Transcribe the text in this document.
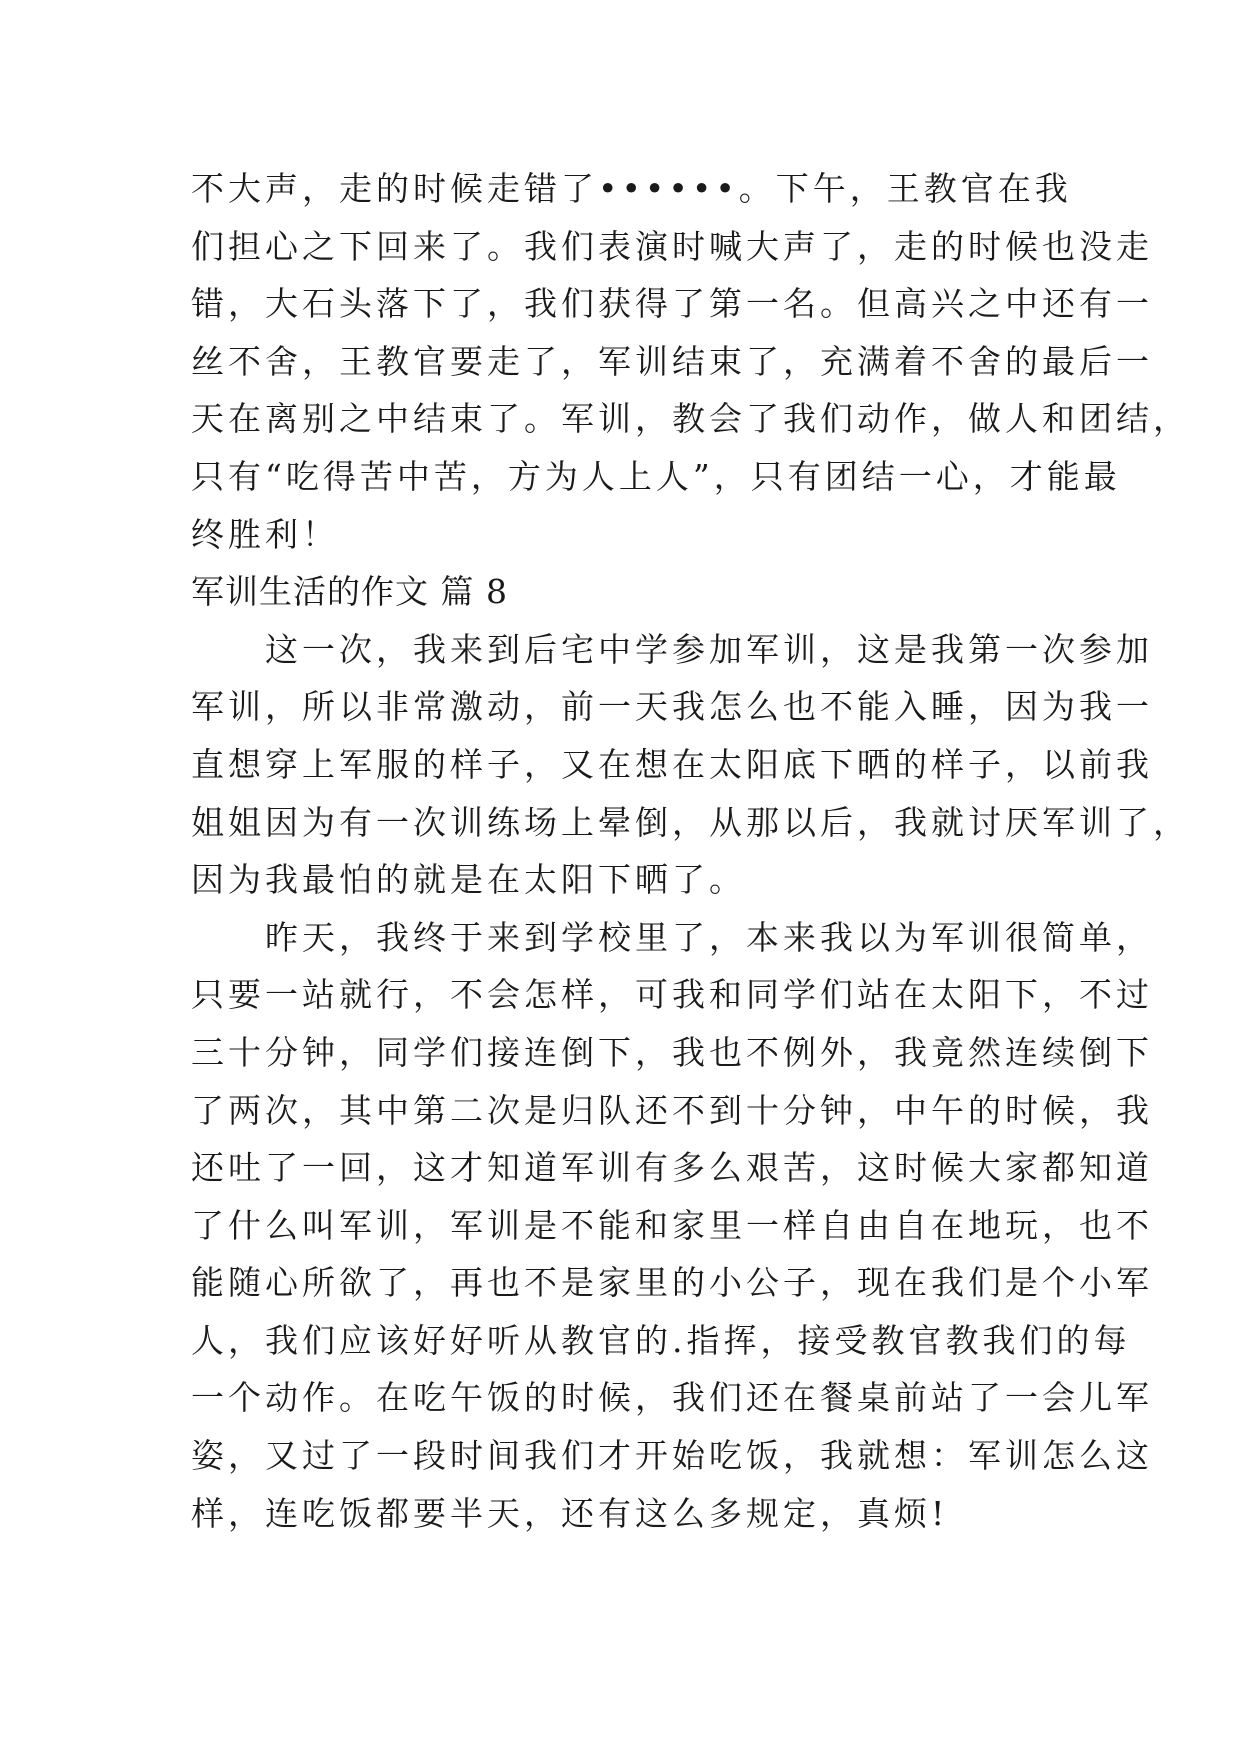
不大声，走的时候走错了••••••。下午，王教官在我
们担心之下回来了。我们表演时喊大声了，走的时候也没走
错，大石头落下了，我们获得了第一名。但高兴之中还有一
丝不舍，王教官要走了，军训结束了，充满着不舍的最后一
天在离别之中结束了。军训，教会了我们动作，做人和团结，
只有“吃得苦中苦，方为人上人”，只有团结一心，才能最
终胜利！
军训生活的作文 篇 8
　　这一次，我来到后宅中学参加军训，这是我第一次参加
军训，所以非常激动，前一天我怎么也不能入睡，因为我一
直想穿上军服的样子，又在想在太阳底下晒的样子，以前我
姐姐因为有一次训练场上晕倒，从那以后，我就讨厌军训了，
因为我最怕的就是在太阳下晒了。
　　昨天，我终于来到学校里了，本来我以为军训很简单，
只要一站就行，不会怎样，可我和同学们站在太阳下，不过
三十分钟，同学们接连倒下，我也不例外，我竟然连续倒下
了两次，其中第二次是归队还不到十分钟，中午的时候，我
还吐了一回，这才知道军训有多么艰苦，这时候大家都知道
了什么叫军训，军训是不能和家里一样自由自在地玩，也不
能随心所欲了，再也不是家里的小公子，现在我们是个小军
人，我们应该好好听从教官的.指挥，接受教官教我们的每
一个动作。在吃午饭的时候，我们还在餐桌前站了一会儿军
姿，又过了一段时间我们才开始吃饭，我就想：军训怎么这
样，连吃饭都要半天，还有这么多规定，真烦!
